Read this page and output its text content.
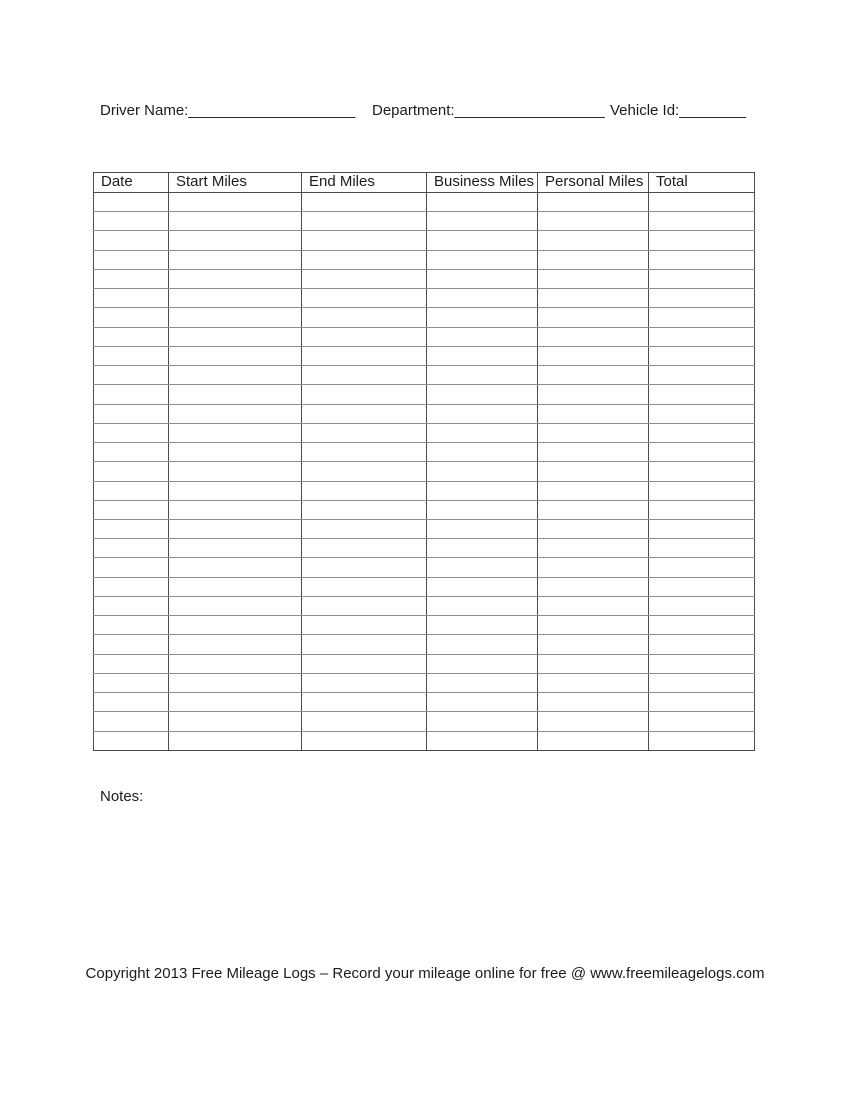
Driver Name:____________________ Department:__________________ Vehicle Id:________
Date	Start Miles	End Miles	Business Miles	Personal Miles	Total

Notes:
Copyright 2013 Free Mileage Logs – Record your mileage online for free @ www.freemileagelogs.com
